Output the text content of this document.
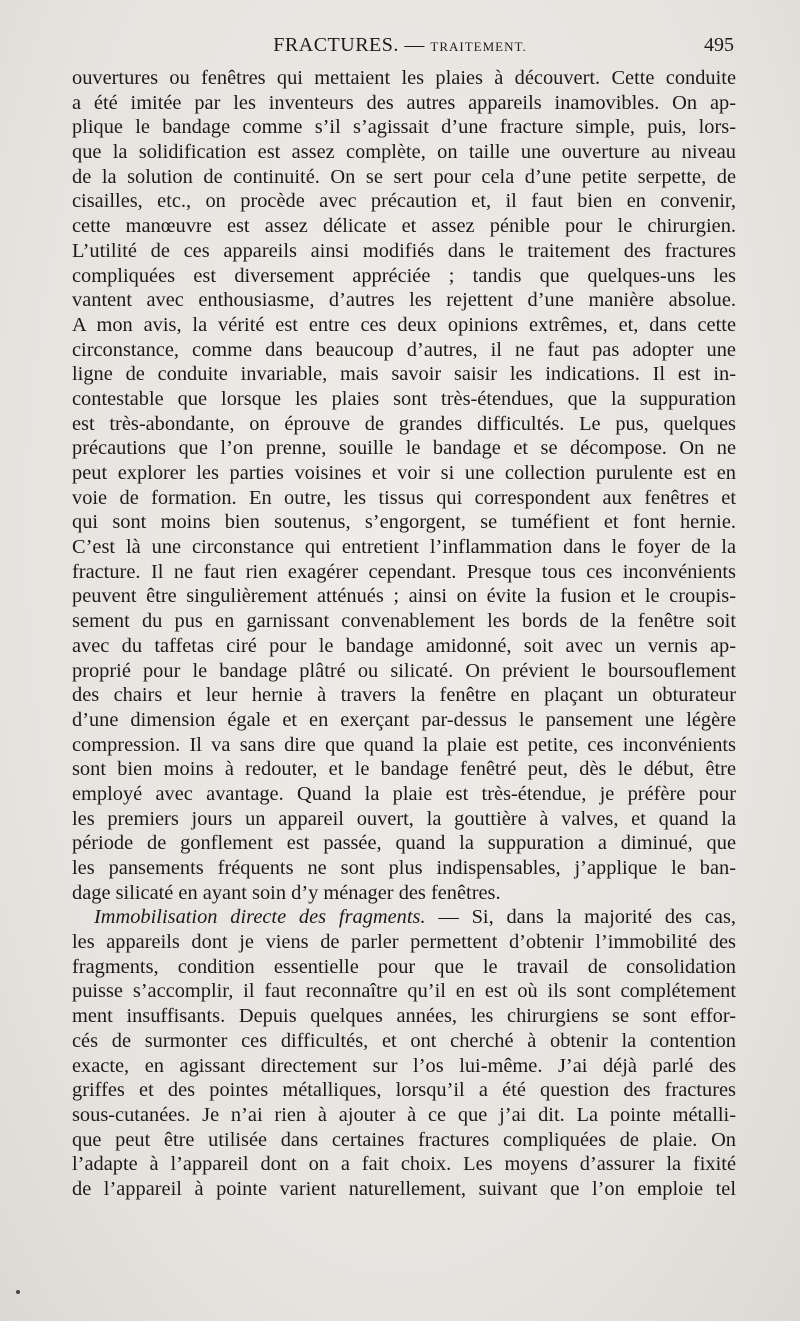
FRACTURES. — TRAITEMENT.	495
ouvertures ou fenêtres qui mettaient les plaies à découvert. Cette conduite
a été imitée par les inventeurs des autres appareils inamovibles. On ap-
plique le bandage comme s’il s’agissait d’une fracture simple, puis, lors-
que la solidification est assez complète, on taille une ouverture au niveau
de la solution de continuité. On se sert pour cela d’une petite serpette, de
cisailles, etc., on procède avec précaution et, il faut bien en convenir,
cette manœuvre est assez délicate et assez pénible pour le chirurgien.
L’utilité de ces appareils ainsi modifiés dans le traitement des fractures
compliquées est diversement appréciée ; tandis que quelques-uns les
vantent avec enthousiasme, d’autres les rejettent d’une manière absolue.
A mon avis, la vérité est entre ces deux opinions extrêmes, et, dans cette
circonstance, comme dans beaucoup d’autres, il ne faut pas adopter une
ligne de conduite invariable, mais savoir saisir les indications. Il est in-
contestable que lorsque les plaies sont très-étendues, que la suppuration
est très-abondante, on éprouve de grandes difficultés. Le pus, quelques
précautions que l’on prenne, souille le bandage et se décompose. On ne
peut explorer les parties voisines et voir si une collection purulente est en
voie de formation. En outre, les tissus qui correspondent aux fenêtres et
qui sont moins bien soutenus, s’engorgent, se tuméfient et font hernie.
C’est là une circonstance qui entretient l’inflammation dans le foyer de la
fracture. Il ne faut rien exagérer cependant. Presque tous ces inconvénients
peuvent être singulièrement atténués ; ainsi on évite la fusion et le croupis-
sement du pus en garnissant convenablement les bords de la fenêtre soit
avec du taffetas ciré pour le bandage amidonné, soit avec un vernis ap-
proprié pour le bandage plâtré ou silicaté. On prévient le boursouflement
des chairs et leur hernie à travers la fenêtre en plaçant un obturateur
d’une dimension égale et en exerçant par-dessus le pansement une légère
compression. Il va sans dire que quand la plaie est petite, ces inconvénients
sont bien moins à redouter, et le bandage fenêtré peut, dès le début, être
employé avec avantage. Quand la plaie est très-étendue, je préfère pour
les premiers jours un appareil ouvert, la gouttière à valves, et quand la
période de gonflement est passée, quand la suppuration a diminué, que
les pansements fréquents ne sont plus indispensables, j’applique le ban-
dage silicaté en ayant soin d’y ménager des fenêtres.
Immobilisation directe des fragments. — Si, dans la majorité des cas,
les appareils dont je viens de parler permettent d’obtenir l’immobilité des
fragments, condition essentielle pour que le travail de consolidation
puisse s’accomplir, il faut reconnaître qu’il en est où ils sont complétement
ment insuffisants. Depuis quelques années, les chirurgiens se sont effor-
cés de surmonter ces difficultés, et ont cherché à obtenir la contention
exacte, en agissant directement sur l’os lui-même. J’ai déjà parlé des
griffes et des pointes métalliques, lorsqu’il a été question des fractures
sous-cutanées. Je n’ai rien à ajouter à ce que j’ai dit. La pointe métalli-
que peut être utilisée dans certaines fractures compliquées de plaie. On
l’adapte à l’appareil dont on a fait choix. Les moyens d’assurer la fixité
de l’appareil à pointe varient naturellement, suivant que l’on emploie tel
